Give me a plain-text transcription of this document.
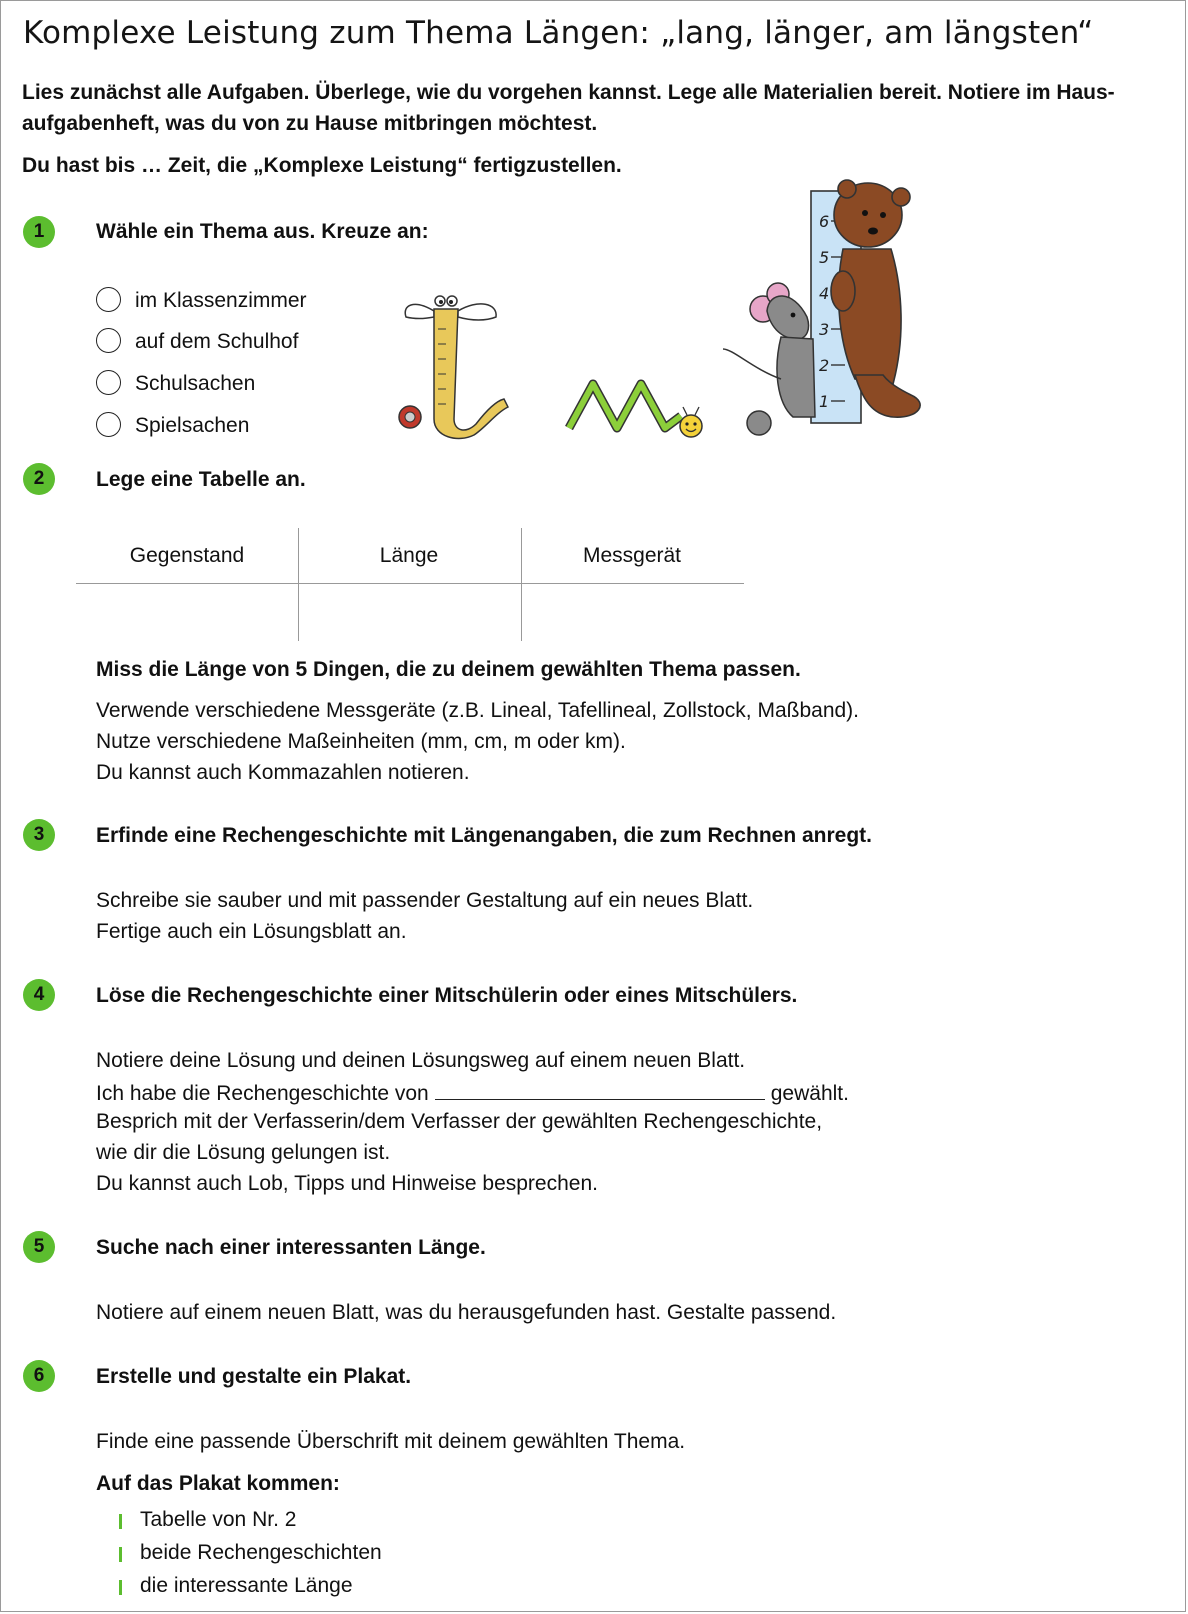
Komplexe Leistung zum Thema Längen: „lang, länger, am längsten“
Lies zunächst alle Aufgaben. Überlege, wie du vorgehen kannst. Lege alle Materialien bereit. Notiere im Haus-
aufgabenheft, was du von zu Hause mitbringen möchtest.
Du hast bis … Zeit, die „Komplexe Leistung“ fertigzustellen.
1	Wähle ein Thema aus. Kreuze an:
im Klassenzimmer
auf dem Schulhof
Schulsachen
Spielsachen
1
2
3
4
5
6
2	Lege eine Tabelle an.
Gegenstand	Länge	Messgerät
Miss die Länge von 5 Dingen, die zu deinem gewählten Thema passen.
Verwende verschiedene Messgeräte (z.B. Lineal, Tafellineal, Zollstock, Maßband).
Nutze verschiedene Maßeinheiten (mm, cm, m oder km).
Du kannst auch Kommazahlen notieren.
3	Erfinde eine Rechengeschichte mit Längenangaben, die zum Rechnen anregt.
Schreibe sie sauber und mit passender Gestaltung auf ein neues Blatt.
Fertige auch ein Lösungsblatt an.
4	Löse die Rechengeschichte einer Mitschülerin oder eines Mitschülers.
Notiere deine Lösung und deinen Lösungsweg auf einem neuen Blatt.
Ich habe die Rechengeschichte von	gewählt.
Besprich mit der Verfasserin/dem Verfasser der gewählten Rechengeschichte,
wie dir die Lösung gelungen ist.
Du kannst auch Lob, Tipps und Hinweise besprechen.
5	Suche nach einer interessanten Länge.
Notiere auf einem neuen Blatt, was du herausgefunden hast. Gestalte passend.
6	Erstelle und gestalte ein Plakat.
Finde eine passende Überschrift mit deinem gewählten Thema.
Auf das Plakat kommen:
Tabelle von Nr. 2
beide Rechengeschichten
die interessante Länge
